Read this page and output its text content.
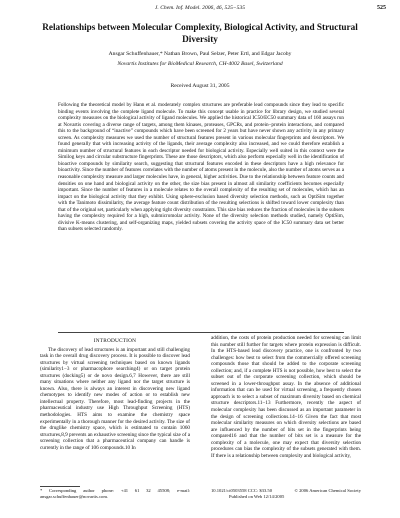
J. Chem. Inf. Model. 2006, 46, 525−535	525
Relationships between Molecular Complexity, Biological Activity, and Structural Diversity
Ansgar Schuffenhauer,* Nathan Brown, Paul Selzer, Peter Ertl, and Edgar Jacoby
Novartis Institutes for BioMedical Research, CH-4002 Basel, Switzerland
Received August 31, 2005
Following the theoretical model by Hann et al. moderately complex structures are preferable lead compounds since they lead to specific binding events involving the complete ligand molecule. To make this concept usable in practice for library design, we studied several complexity measures on the biological activity of ligand molecules. We applied the historical IC50/EC50 summary data of 160 assays run at Novartis covering a diverse range of targets, among them kinases, proteases, GPCRs, and protein−protein interactions, and compared this to the background of “inactive” compounds which have been screened for 2 years but have never shown any activity in any primary screen. As complexity measures we used the number of structural features present in various molecular fingerprints and descriptors. We found generally that with increasing activity of the ligands, their average complexity also increased, and we could therefore establish a minimum number of structural features in each descriptor needed for biological activity. Especially well suited in this context were the Similog keys and circular substructure fingerprints. These are those descriptors, which also perform especially well in the identification of bioactive compounds by similarity search, suggesting that structural features encoded in these descriptors have a high relevance for bioactivity. Since the number of features correlates with the number of atoms present in the molecule, also the number of atoms serves as a reasonable complexity measure and larger molecules have, in general, higher activities. Due to the relationship between feature counts and densities on one hand and biological activity on the other, the size bias present in almost all similarity coefficients becomes especially important. Since the number of features in a molecule relates to the overall complexity of the resulting set of molecules, which has an impact on the biological activity that they exhibit. Using sphere-exclusion based diversity selection methods, such as OptiSim together with the Tanimoto dissimilarity, the average feature count distribution of the resulting selections is shifted toward lower complexity than that of the original set, particularly when applying tight diversity constraints. This size bias reduces the fraction of molecules in the subsets having the complexity required for a high, submicromolar activity. None of the diversity selection methods studied, namely OptiSim, divisive K-means clustering, and self-organizing maps, yielded subsets covering the activity space of the IC50 summary data set better than subsets selected randomly.
INTRODUCTION

The discovery of lead structures is an important and still challenging task in the overall drug discovery process. It is possible to discover lead structures by virtual screening techniques based on known ligands (similarity1−3 or pharmacophore searching4) or on target protein structures (docking5) or de novo design.6,7 However, there are still many situations where neither any ligand nor the target structure is known. Also, there is always an interest in discovering new ligand chemotypes to identify new modes of action or to establish new intellectual property. Therefore, most lead-finding projects in the pharmaceutical industry use High Throughput Screening (HTS) methodologies. HTS aims to examine the chemistry space experimentally in a thorough manner for the desired activity. The size of the druglike chemistry space, which is estimated to contain 1060 structures,8,9 prevents an exhaustive screening since the typical size of a screening collection that a pharmaceutical company can handle is currently in the range of 106 compounds.10 In

addition, the costs of protein production needed for screening can limit this number still further for targets where protein expression is difficult. In the HTS-based lead discovery practice, one is confronted by two challenges: how best to select from the commercially offered screening compounds those that should be added to the corporate screening collection; and, if a complete HTS is not possible, how best to select the subset out of the corporate screening collection, which should be screened in a lower-throughput assay. In the absence of additional information that can be used for virtual screening, a frequently chosen approach is to select a subset of maximum diversity based on chemical structure descriptors.11−13 Furthermore, recently the aspect of molecular complexity has been discussed as an important parameter in the design of screening collections.14−16 Given the fact that most molecular similarity measures on which diversity selections are based are influenced by the number of bits set in the fingerprints being compared16 and that the number of bits set is a measure for the complexity of a molecule, one may expect that diversity selection procedures can bias the complexity of the subsets generated with them. If there is a relationship between complexity and biological activity,

* Corresponding author phone: +41 61 32 45508; e-mail: ansgar.schuffenhauer@novartis.com.
10.1021/ci0503558 CCC: $33.50	© 2006 American Chemical Society
Published on Web 12/14/2005
